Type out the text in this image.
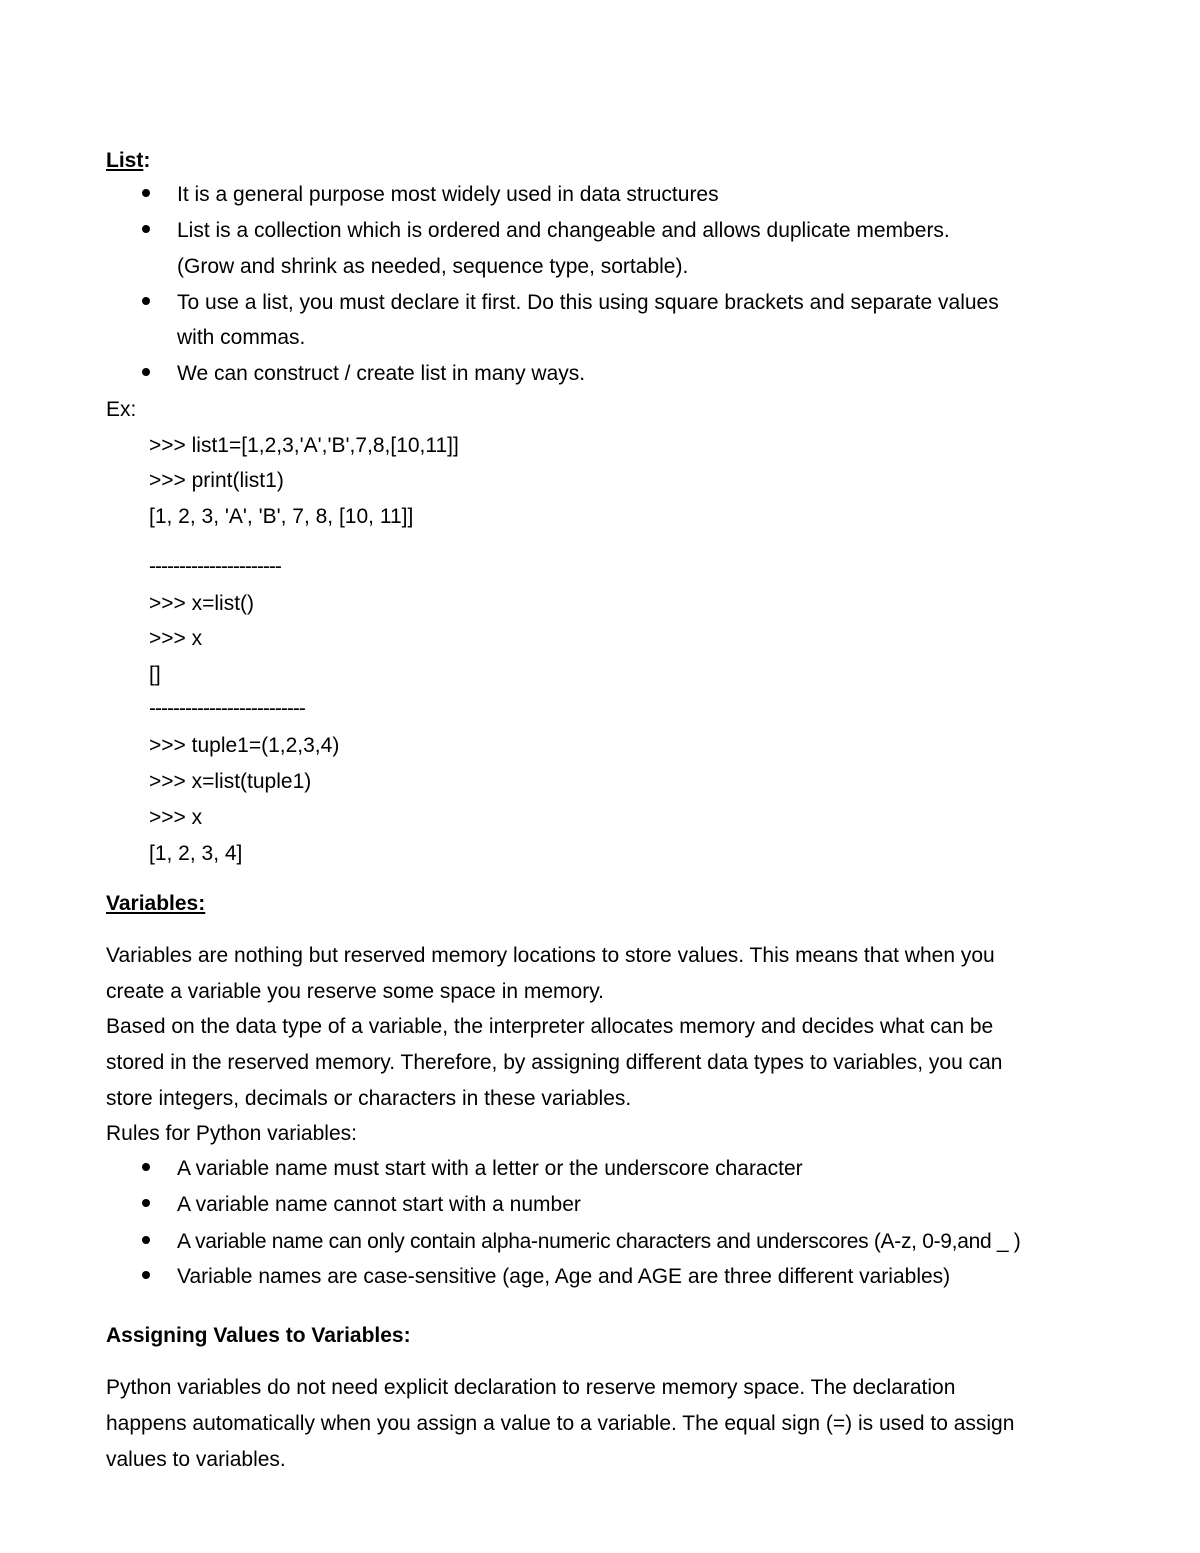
List:
It is a general purpose most widely used in data structures
List is a collection which is ordered and changeable and allows duplicate members.
(Grow and shrink as needed, sequence type, sortable).
To use a list, you must declare it first. Do this using square brackets and separate values
with commas.
We can construct / create list in many ways.
Ex:
>>> list1=[1,2,3,'A','B',7,8,[10,11]]
>>> print(list1)
[1, 2, 3, 'A', 'B', 7, 8, [10, 11]]
----------------------
>>> x=list()
>>> x
[]
--------------------------
>>> tuple1=(1,2,3,4)
>>> x=list(tuple1)
>>> x
[1, 2, 3, 4]
Variables:
Variables are nothing but reserved memory locations to store values. This means that when you
create a variable you reserve some space in memory.
Based on the data type of a variable, the interpreter allocates memory and decides what can be
stored in the reserved memory. Therefore, by assigning different data types to variables, you can
store integers, decimals or characters in these variables.
Rules for Python variables:
A variable name must start with a letter or the underscore character
A variable name cannot start with a number
A variable name can only contain alpha-numeric characters and underscores (A-z, 0-9,and _ )
Variable names are case-sensitive (age, Age and AGE are three different variables)
Assigning Values to Variables:
Python variables do not need explicit declaration to reserve memory space. The declaration
happens automatically when you assign a value to a variable. The equal sign (=) is used to assign
values to variables.
